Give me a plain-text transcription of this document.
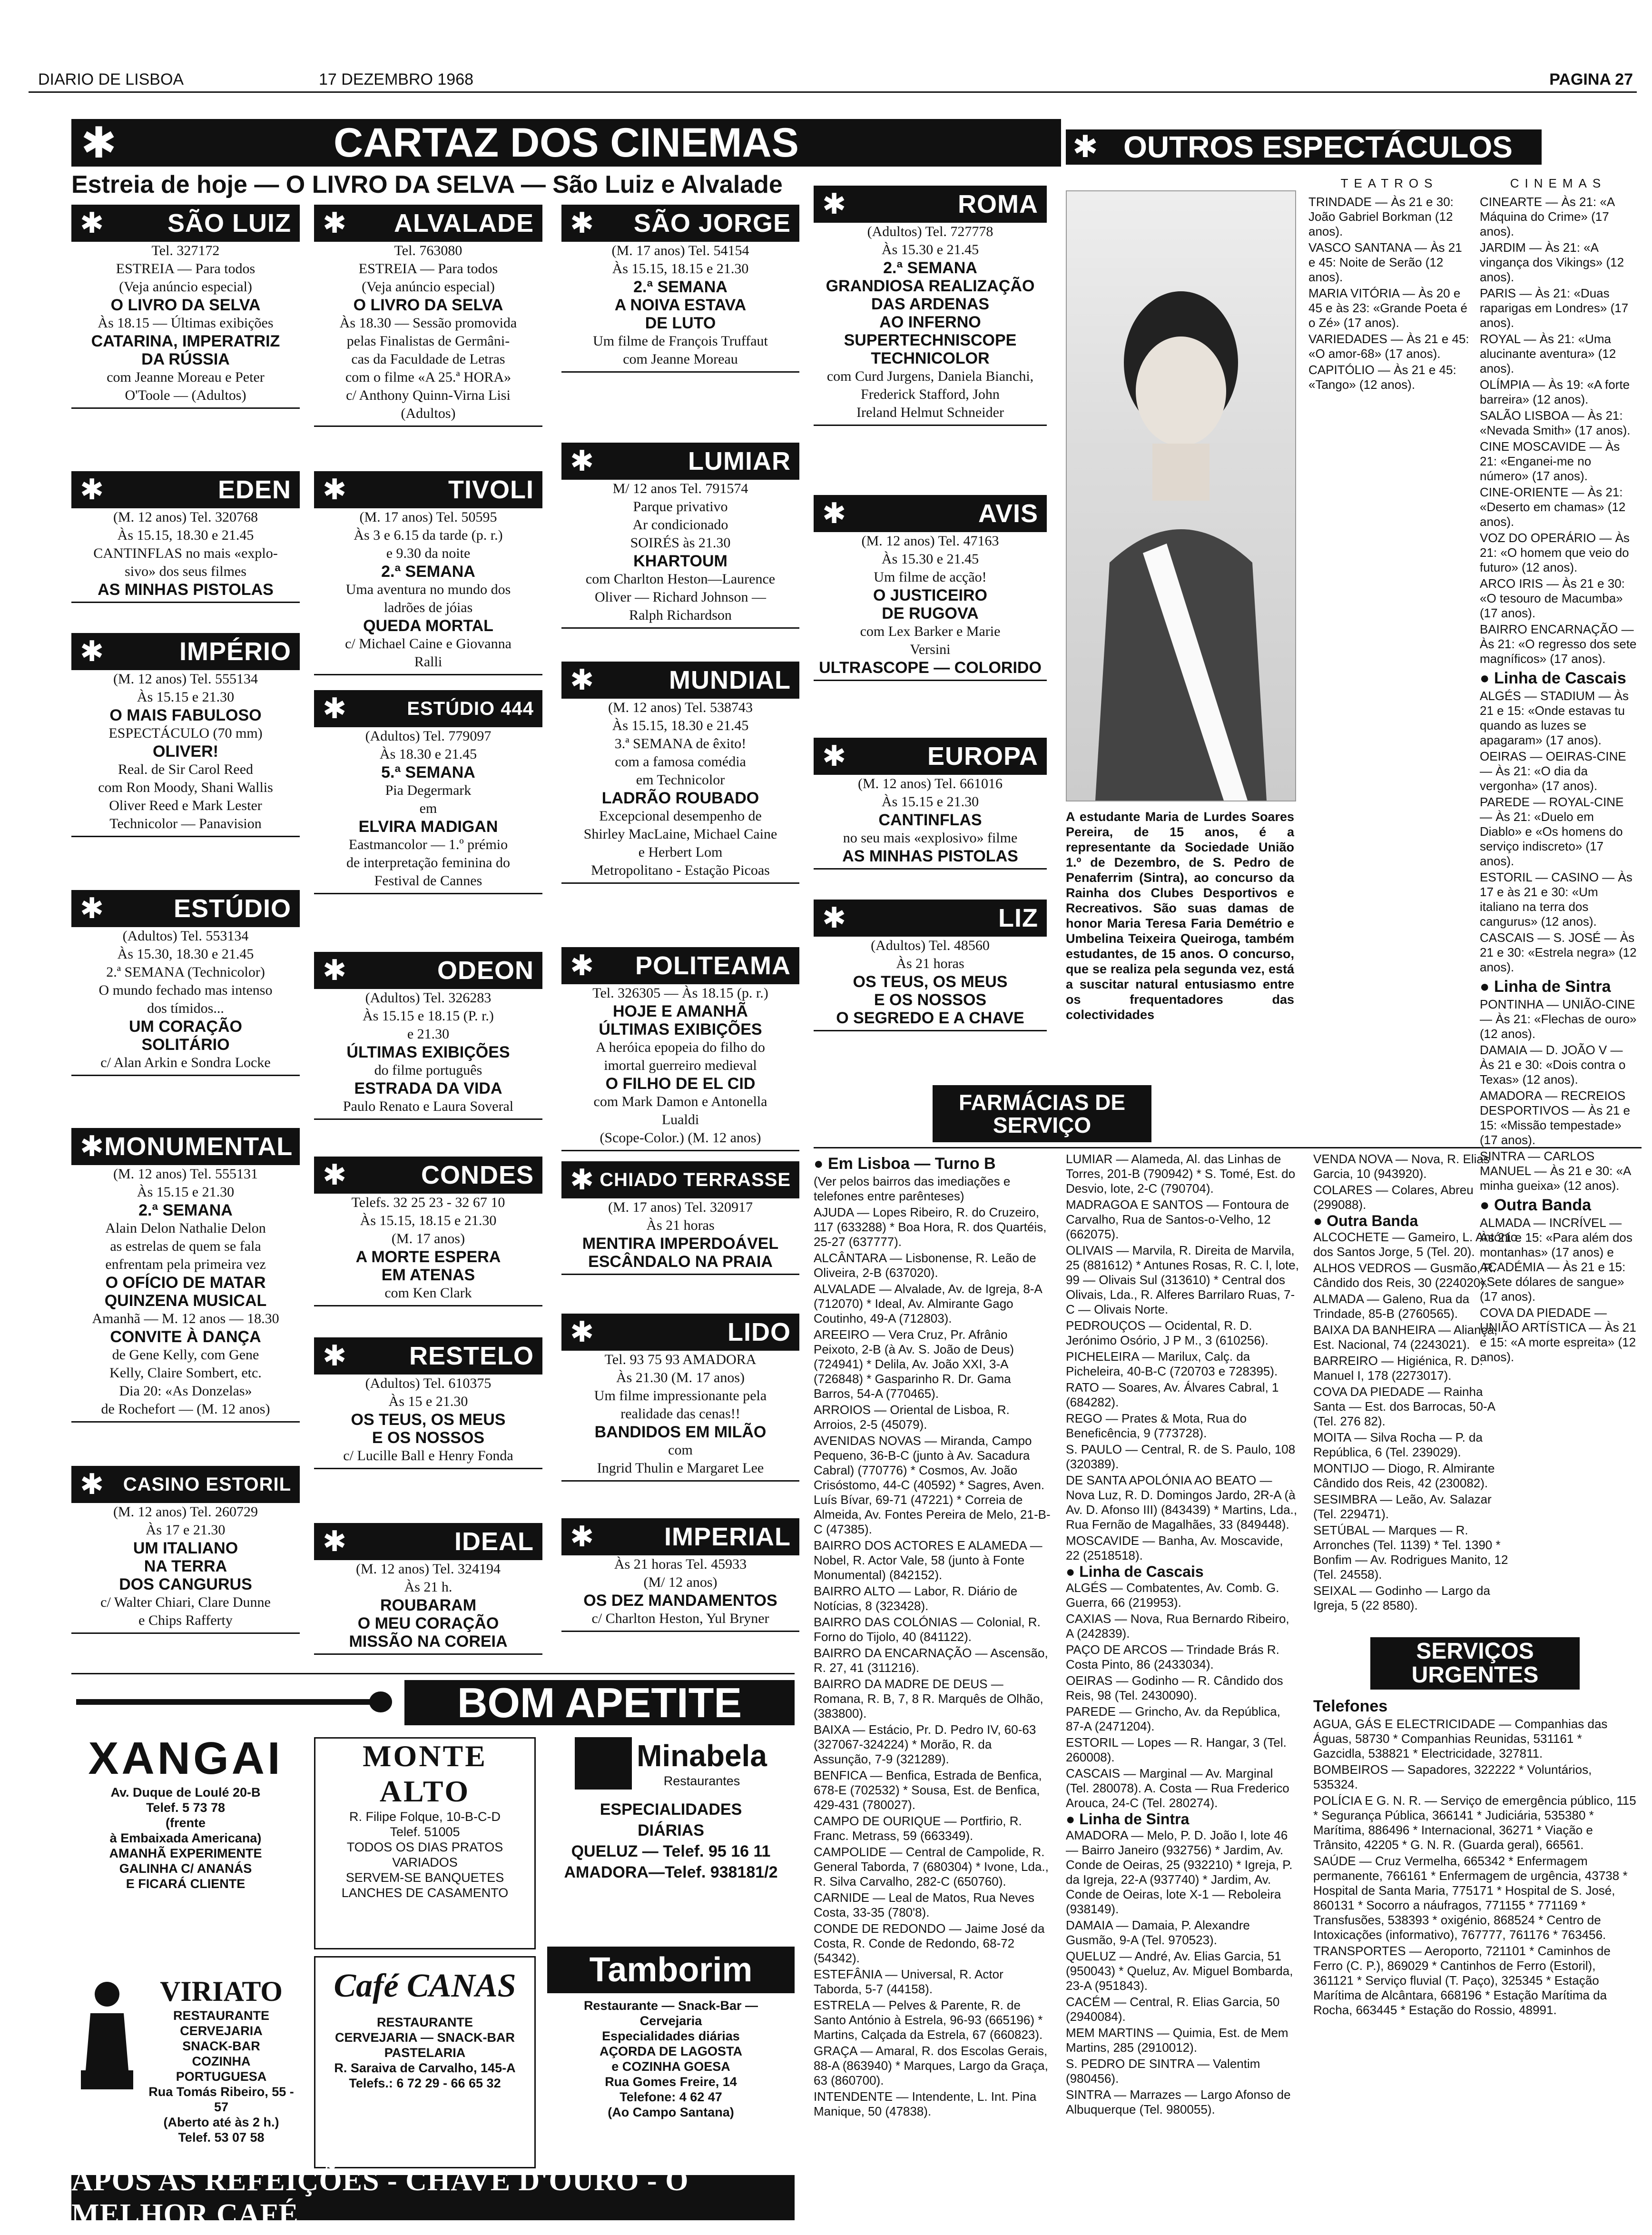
DIARIO DE LISBOA	17 DEZEMBRO 1968	PAGINA 27
✱	CARTAZ DOS CINEMAS
Estreia de hoje — O LIVRO DA SELVA — São Luiz e Alvalade
✱ OUTROS ESPECTÁCULOS
✱ SÃO LUIZ
Tel. 327172
ESTREIA — Para todos
(Veja anúncio especial)
O LIVRO DA SELVA
Às 18.15 — Últimas exibições
CATARINA, IMPERATRIZ
DA RÚSSIA
com Jeanne Moreau e Peter
O'Toole — (Adultos)
✱ ALVALADE
Tel. 763080
ESTREIA — Para todos
(Veja anúncio especial)
O LIVRO DA SELVA
Às 18.30 — Sessão promovida
pelas Finalistas de Germâni-
cas da Faculdade de Letras
com o filme «A 25.ª HORA»
c/ Anthony Quinn-Virna Lisi
(Adultos)
✱ SÃO JORGE
(M. 17 anos) Tel. 54154
Às 15.15, 18.15 e 21.30
2.ª SEMANA
A NOIVA ESTAVA
DE LUTO
Um filme de François Truffaut
com Jeanne Moreau
✱	ROMA
(Adultos) Tel. 727778
Às 15.30 e 21.45
2.ª SEMANA
GRANDIOSA REALIZAÇÃO
DAS ARDENAS
AO INFERNO
SUPERTECHNISCOPE
TECHNICOLOR
com Curd Jurgens, Daniela Bianchi,
Frederick Stafford, John
Ireland Helmut Schneider
✱	EDEN
(M. 12 anos) Tel. 320768
Às 15.15, 18.30 e 21.45
CANTINFLAS no mais «explo-
sivo» dos seus filmes
AS MINHAS PISTOLAS
✱	TIVOLI
(M. 17 anos) Tel. 50595
Às 3 e 6.15 da tarde (p. r.)
e 9.30 da noite
2.ª SEMANA
Uma aventura no mundo dos
ladrões de jóias
QUEDA MORTAL
c/ Michael Caine e Giovanna
Ralli
✱	LUMIAR
M/ 12 anos Tel. 791574
Parque privativo
Ar condicionado
SOIRÉS às 21.30
KHARTOUM
com Charlton Heston—Laurence
Oliver — Richard Johnson —
Ralph Richardson
✱	AVIS
(M. 12 anos) Tel. 47163
Às 15.30 e 21.45
Um filme de acção!
O JUSTICEIRO
DE RUGOVA
com Lex Barker e Marie
Versini
ULTRASCOPE — COLORIDO
✱	IMPÉRIO
(M. 12 anos) Tel. 555134
Às 15.15 e 21.30
O MAIS FABULOSO
ESPECTÁCULO (70 mm)
OLIVER!
Real. de Sir Carol Reed
com Ron Moody, Shani Wallis
Oliver Reed e Mark Lester
Technicolor — Panavision
✱	ESTÚDIO 444
(Adultos) Tel. 779097
Às 18.30 e 21.45
5.ª SEMANA
Pia Degermark
em
ELVIRA MADIGAN
Eastmancolor — 1.º prémio
de interpretação feminina do
Festival de Cannes
✱	MUNDIAL
(M. 12 anos) Tel. 538743
Às 15.15, 18.30 e 21.45
3.ª SEMANA de êxito!
com a famosa comédia
em Technicolor
LADRÃO ROUBADO
Excepcional desempenho de
Shirley MacLaine, Michael Caine
e Herbert Lom
Metropolitano - Estação Picoas
✱	EUROPA
(M. 12 anos) Tel. 661016
Às 15.15 e 21.30
CANTINFLAS
no seu mais «explosivo» filme
AS MINHAS PISTOLAS
✱	ESTÚDIO
(Adultos) Tel. 553134
Às 15.30, 18.30 e 21.45
2.ª SEMANA (Technicolor)
O mundo fechado mas intenso
dos tímidos...
UM CORAÇÃO
SOLITÁRIO
c/ Alan Arkin e Sondra Locke
✱	ODEON
(Adultos) Tel. 326283
Às 15.15 e 18.15 (P. r.)
e 21.30
ÚLTIMAS EXIBIÇÕES
do filme português
ESTRADA DA VIDA
Paulo Renato e Laura Soveral
✱ POLITEAMA
Tel. 326305 — Às 18.15 (p. r.)
HOJE E AMANHÃ
ÚLTIMAS EXIBIÇÕES
A heróica epopeia do filho do
imortal guerreiro medieval
O FILHO DE EL CID
com Mark Damon e Antonella
Lualdi
(Scope-Color.) (M. 12 anos)
✱	LIZ
(Adultos) Tel. 48560
Às 21 horas
OS TEUS, OS MEUS
E OS NOSSOS
O SEGREDO E A CHAVE
✱ MONUMENTAL
(M. 12 anos) Tel. 555131
Às 15.15 e 21.30
2.ª SEMANA
Alain Delon Nathalie Delon
as estrelas de quem se fala
enfrentam pela primeira vez
O OFÍCIO DE MATAR
QUINZENA MUSICAL
Amanhã — M. 12 anos — 18.30
CONVITE À DANÇA
de Gene Kelly, com Gene
Kelly, Claire Sombert, etc.
Dia 20: «As Donzelas»
de Rochefort — (M. 12 anos)
✱	CONDES
Telefs. 32 25 23 - 32 67 10
Às 15.15, 18.15 e 21.30
(M. 17 anos)
A MORTE ESPERA
EM ATENAS
com Ken Clark
✱ CHIADO TERRASSE
(M. 17 anos) Tel. 320917
Às 21 horas
MENTIRA IMPERDOÁVEL
ESCÂNDALO NA PRAIA
✱	LIDO
Tel. 93 75 93 AMADORA
Às 21.30 (M. 17 anos)
Um filme impressionante pela
realidade das cenas!!
BANDIDOS EM MILÃO
com
Ingrid Thulin e Margaret Lee
✱ RESTELO
(Adultos) Tel. 610375
Às 15 e 21.30
OS TEUS, OS MEUS
E OS NOSSOS
c/ Lucille Ball e Henry Fonda
✱ CASINO ESTORIL
(M. 12 anos) Tel. 260729
Às 17 e 21.30
UM ITALIANO
NA TERRA
DOS CANGURUS
c/ Walter Chiari, Clare Dunne
e Chips Rafferty
✱	IDEAL
(M. 12 anos) Tel. 324194
Às 21 h.
ROUBARAM
O MEU CORAÇÃO
MISSÃO NA COREIA
✱	IMPERIAL
Às 21 horas Tel. 45933
(M/ 12 anos)
OS DEZ MANDAMENTOS
c/ Charlton Heston, Yul Bryner
A estudante Maria de Lurdes Soares Pereira, de 15 anos, é a representante da Sociedade União 1.º de Dezembro, de S. Pedro de Penaferrim (Sintra), ao concurso da Rainha dos Clubes Desportivos e Recreativos. São suas damas de honor Maria Teresa Faria Demétrio e Umbelina Teixeira Queiroga, também estudantes, de 15 anos. O concurso, que se realiza pela segunda vez, está a suscitar natural entusiasmo entre os frequentadores das colectividades
TEATROS

TRINDADE — Às 21 e 30: João Gabriel Borkman (12 anos).

VASCO SANTANA — Às 21 e 45: Noite de Serão (12 anos).

MARIA VITÓRIA — Às 20 e 45 e às 23: «Grande Poeta é o Zé» (17 anos).

VARIEDADES — Às 21 e 45: «O amor-68» (17 anos).

CAPITÓLIO — Às 21 e 45: «Tango» (12 anos).

CINEMAS

CINEARTE — Às 21: «A Máquina do Crime» (17 anos).

JARDIM — Às 21: «A vingança dos Vikings» (12 anos).

PARIS — Às 21: «Duas raparigas em Londres» (17 anos).

ROYAL — Às 21: «Uma alucinante aventura» (12 anos).

OLÍMPIA — Às 19: «A forte barreira» (12 anos).

SALÃO LISBOA — Às 21: «Nevada Smith» (17 anos).

CINE MOSCAVIDE — Às 21: «Enganei-me no número» (17 anos).

CINE-ORIENTE — Às 21: «Deserto em chamas» (12 anos).

VOZ DO OPERÁRIO — Às 21: «O homem que veio do futuro» (12 anos).

ARCO IRIS — Às 21 e 30: «O tesouro de Macumba» (17 anos).

BAIRRO ENCARNAÇÃO — Às 21: «O regresso dos sete magníficos» (17 anos).

● Linha de Cascais

ALGÉS — STADIUM — Às 21 e 15: «Onde estavas tu quando as luzes se apagaram» (17 anos).

OEIRAS — OEIRAS-CINE — Às 21: «O dia da vergonha» (17 anos).

PAREDE — ROYAL-CINE — Às 21: «Duelo em Diablo» e «Os homens do serviço indiscreto» (17 anos).

ESTORIL — CASINO — Às 17 e às 21 e 30: «Um italiano na terra dos cangurus» (12 anos).

CASCAIS — S. JOSÉ — Às 21 e 30: «Estrela negra» (12 anos).

● Linha de Sintra

PONTINHA — UNIÃO-CINE — Às 21: «Flechas de ouro» (12 anos).

DAMAIA — D. JOÃO V — Às 21 e 30: «Dois contra o Texas» (12 anos).

AMADORA — RECREIOS DESPORTIVOS — Às 21 e 15: «Missão tempestade» (17 anos).

SINTRA — CARLOS MANUEL — Às 21 e 30: «A minha gueixa» (12 anos).

● Outra Banda

ALMADA — INCRÍVEL — Às 21 e 15: «Para além dos montanhas» (17 anos) e ACADÉMIA — Às 21 e 15: «Sete dólares de sangue» (17 anos).

COVA DA PIEDADE — UNIÃO ARTÍSTICA — Às 21 e 15: «A morte espreita» (12 anos).

FARMÁCIAS DE SERVIÇO
● Em Lisboa — Turno B

(Ver pelos bairros das imediações e telefones entre parênteses)

AJUDA — Lopes Ribeiro, R. do Cruzeiro, 117 (633288) * Boa Hora, R. dos Quartéis, 25-27 (637777).

ALCÂNTARA — Lisbonense, R. Leão de Oliveira, 2-B (637020).

ALVALADE — Alvalade, Av. de Igreja, 8-A (712070) * Ideal, Av. Almirante Gago Coutinho, 49-A (712803).

AREEIRO — Vera Cruz, Pr. Afrânio Peixoto, 2-B (à Av. S. João de Deus) (724941) * Delila, Av. João XXI, 3-A (726848) * Gasparinho R. Dr. Gama Barros, 54-A (770465).

ARROIOS — Oriental de Lisboa, R. Arroios, 2-5 (45079).

AVENIDAS NOVAS — Miranda, Campo Pequeno, 36-B-C (junto à Av. Sacadura Cabral) (770776) * Cosmos, Av. João Crisóstomo, 44-C (40592) * Sagres, Aven. Luís Bívar, 69-71 (47221) * Correia de Almeida, Av. Fontes Pereira de Melo, 21-B-C (47385).

BAIRRO DOS ACTORES E ALAMEDA — Nobel, R. Actor Vale, 58 (junto à Fonte Monumental) (842152).

BAIRRO ALTO — Labor, R. Diário de Notícias, 8 (323428).

BAIRRO DAS COLÓNIAS — Colonial, R. Forno do Tijolo, 40 (841122).

BAIRRO DA ENCARNAÇÃO — Ascensão, R. 27, 41 (311216).

BAIRRO DA MADRE DE DEUS — Romana, R. B, 7, 8 R. Marquês de Olhão, (383800).

BAIXA — Estácio, Pr. D. Pedro IV, 60-63 (327067-324224) * Morão, R. da Assunção, 7-9 (321289).

BENFICA — Benfica, Estrada de Benfica, 678-E (702532) * Sousa, Est. de Benfica, 429-431 (780027).

CAMPO DE OURIQUE — Portfirio, R. Franc. Metrass, 59 (663349).

CAMPOLIDE — Central de Campolide, R. General Taborda, 7 (680304) * Ivone, Lda., R. Silva Carvalho, 282-C (650760).

CARNIDE — Leal de Matos, Rua Neves Costa, 33-35 (780'8).

CONDE DE REDONDO — Jaime José da Costa, R. Conde de Redondo, 68-72 (54342).

ESTEFÂNIA — Universal, R. Actor Taborda, 5-7 (44158).

ESTRELA — Pelves & Parente, R. de Santo António à Estrela, 96-93 (665196) * Martins, Calçada da Estrela, 67 (660823).

GRAÇA — Amaral, R. dos Escolas Gerais, 88-A (863940) * Marques, Largo da Graça, 63 (860700).

INTENDENTE — Intendente, L. Int. Pina Manique, 50 (47838).

LUMIAR — Alameda, Al. das Linhas de Torres, 201-B (790942) * S. Tomé, Est. do Desvio, lote, 2-C (790704).

MADRAGOA E SANTOS — Fontoura de Carvalho, Rua de Santos-o-Velho, 12 (662075).

OLIVAIS — Marvila, R. Direita de Marvila, 25 (881612) * Antunes Rosas, R. C. l, lote, 99 — Olivais Sul (313610) * Central dos Olivais, Lda., R. Alferes Barrilaro Ruas, 7-C — Olivais Norte.

PEDROUÇOS — Ocidental, R. D. Jerónimo Osório, J P M., 3 (610256).

PICHELEIRA — Marilux, Calç. da Picheleira, 40-B-C (720703 e 728395).

RATO — Soares, Av. Álvares Cabral, 1 (684282).

REGO — Prates & Mota, Rua do Beneficência, 9 (773728).

S. PAULO — Central, R. de S. Paulo, 108 (320389).

DE SANTA APOLÓNIA AO BEATO — Nova Luz, R. D. Domingos Jardo, 2R-A (à Av. D. Afonso III) (843439) * Martins, Lda., Rua Fernão de Magalhães, 33 (849448).

MOSCAVIDE — Banha, Av. Moscavide, 22 (2518518).

● Linha de Cascais

ALGÉS — Combatentes, Av. Comb. G. Guerra, 66 (219953).

CAXIAS — Nova, Rua Bernardo Ribeiro, A (242839).

PAÇO DE ARCOS — Trindade Brás R. Costa Pinto, 86 (2433034).

OEIRAS — Godinho — R. Cândido dos Reis, 98 (Tel. 2430090).

PAREDE — Grincho, Av. da República, 87-A (2471204).

ESTORIL — Lopes — R. Hangar, 3 (Tel. 260008).

CASCAIS — Marginal — Av. Marginal (Tel. 280078). A. Costa — Rua Frederico Arouca, 24-C (Tel. 280274).

● Linha de Sintra

AMADORA — Melo, P. D. João I, lote 46 — Bairro Janeiro (932756) * Jardim, Av. Conde de Oeiras, 25 (932210) * Igreja, P. da Igreja, 22-A (937740) * Jardim, Av. Conde de Oeiras, lote X-1 — Reboleira (938149).

DAMAIA — Damaia, P. Alexandre Gusmão, 9-A (Tel. 970523).

QUELUZ — André, Av. Elias Garcia, 51 (950043) * Queluz, Av. Miguel Bombarda, 23-A (951843).

CACÉM — Central, R. Elias Garcia, 50 (2940084).

MEM MARTINS — Quimia, Est. de Mem Martins, 285 (2910012).

S. PEDRO DE SINTRA — Valentim (980456).

SINTRA — Marrazes — Largo Afonso de Albuquerque (Tel. 980055).

VENDA NOVA — Nova, R. Elias Garcia, 10 (943920).

COLARES — Colares, Abreu (299088).

● Outra Banda

ALCOCHETE — Gameiro, L. António dos Santos Jorge, 5 (Tel. 20).

ALHOS VEDROS — Gusmão, R. Cândido dos Reis, 30 (224020).

ALMADA — Galeno, Rua da Trindade, 85-B (2760565).

BAIXA DA BANHEIRA — Aliança, Est. Nacional, 74 (2243021).

BARREIRO — Higiénica, R. D. Manuel I, 178 (2273017).

COVA DA PIEDADE — Rainha Santa — Est. dos Barrocas, 50-A (Tel. 276 82).

MOITA — Silva Rocha — P. da República, 6 (Tel. 239029).

MONTIJO — Diogo, R. Almirante Cândido dos Reis, 42 (230082).

SESIMBRA — Leão, Av. Salazar (Tel. 229471).

SETÚBAL — Marques — R. Arronches (Tel. 1139) * Tel. 1390 * Bonfim — Av. Rodrigues Manito, 12 (Tel. 24558).

SEIXAL — Godinho — Largo da Igreja, 5 (22 8580).

SERVIÇOS URGENTES
Telefones

AGUA, GÁS E ELECTRICIDADE — Companhias das Águas, 58730 * Companhias Reunidas, 531161 * Gazcidla, 538821 * Electricidade, 327811.

BOMBEIROS — Sapadores, 322222 * Voluntários, 535324.

POLÍCIA E G. N. R. — Serviço de emergência público, 115 * Segurança Pública, 366141 * Judiciária, 535380 * Marítima, 886496 * Internacional, 36271 * Viação e Trânsito, 42205 * G. N. R. (Guarda geral), 66561.

SAÚDE — Cruz Vermelha, 665342 * Enfermagem permanente, 766161 * Enfermagem de urgência, 43738 * Hospital de Santa Maria, 775171 * Hospital de S. José, 860131 * Socorro a náufragos, 771155 * 771169 * Transfusões, 538393 * oxigénio, 868524 * Centro de Intoxicações (informativo), 767777, 761176 * 763456.

TRANSPORTES — Aeroporto, 721101 * Caminhos de Ferro (C. P.), 869029 * Cantinhos de Ferro (Estoril), 361121 * Serviço fluvial (T. Paço), 325345 * Estação Marítima de Alcântara, 668196 * Estação Marítima da Rocha, 663445 * Estação do Rossio, 48991.

BOM APETITE
XANGAI
Av. Duque de Loulé 20-B
Telef. 5 73 78
(frente
à Embaixada Americana)
AMANHÃ EXPERIMENTE
GALINHA C/ ANANÁS
E FICARÁ CLIENTE
VIRIATO
RESTAURANTE
CERVEJARIA
SNACK-BAR
COZINHA
PORTUGUESA
Rua Tomás Ribeiro, 55 - 57
(Aberto até às 2 h.)
Telef. 53 07 58
MONTE ALTO
R. Filipe Folque, 10-B-C-D
Telef. 51005
TODOS OS DIAS PRATOS
VARIADOS
SERVEM-SE BANQUETES
LANCHES DE CASAMENTO
Café CANAS
RESTAURANTE
CERVEJARIA — SNACK-BAR
PASTELARIA
R. Saraiva de Carvalho, 145-A
Telefs.: 6 72 29 - 66 65 32
Minabela
Restaurantes
ESPECIALIDADES
DIÁRIAS
QUELUZ — Telef. 95 16 11
AMADORA—Telef. 938181/2
Tamborim
Restaurante — Snack-Bar —
Cervejaria
Especialidades diárias
AÇORDA DE LAGOSTA
e COZINHA GOESA
Rua Gomes Freire, 14
Telefone: 4 62 47
(Ao Campo Santana)
APÓS AS REFEIÇÕES - CHAVE D'OURO - O MELHOR CAFÉ
